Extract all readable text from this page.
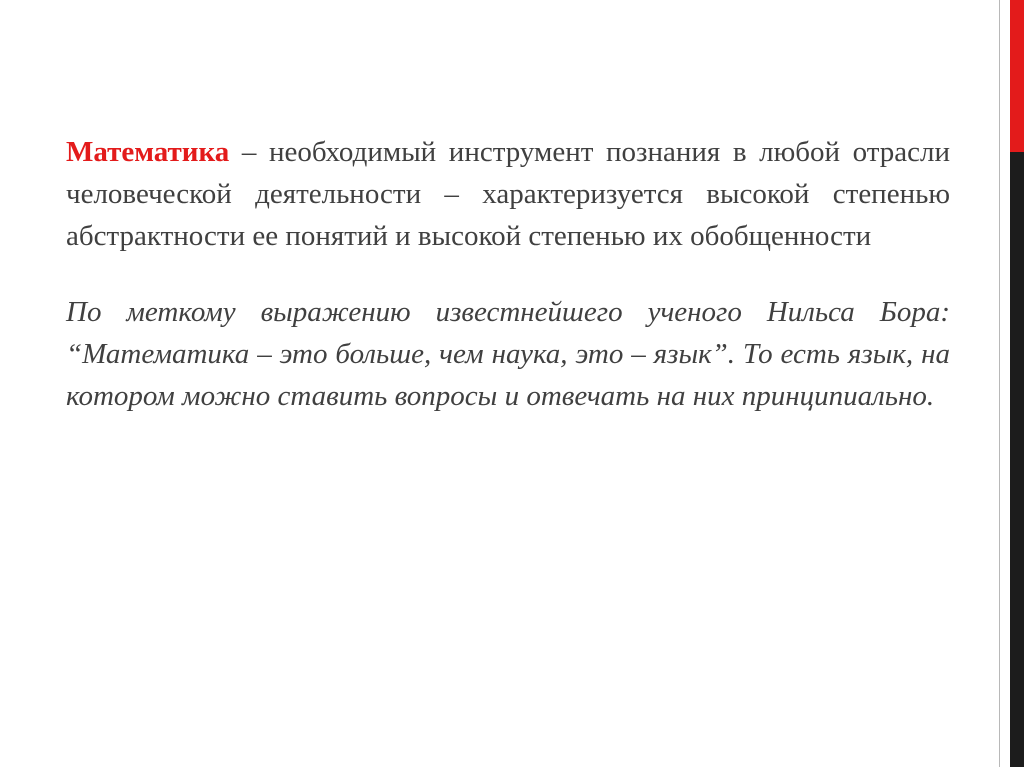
Математика – необходимый инструмент познания в любой отрасли человеческой деятельности – характеризуется высокой степенью абстрактности ее понятий и высокой степенью их обобщенности

По меткому выражению известнейшего ученого Нильса Бора: “Математика – это больше, чем наука, это – язык”. То есть язык, на котором можно ставить вопросы и отвечать на них принципиально.
